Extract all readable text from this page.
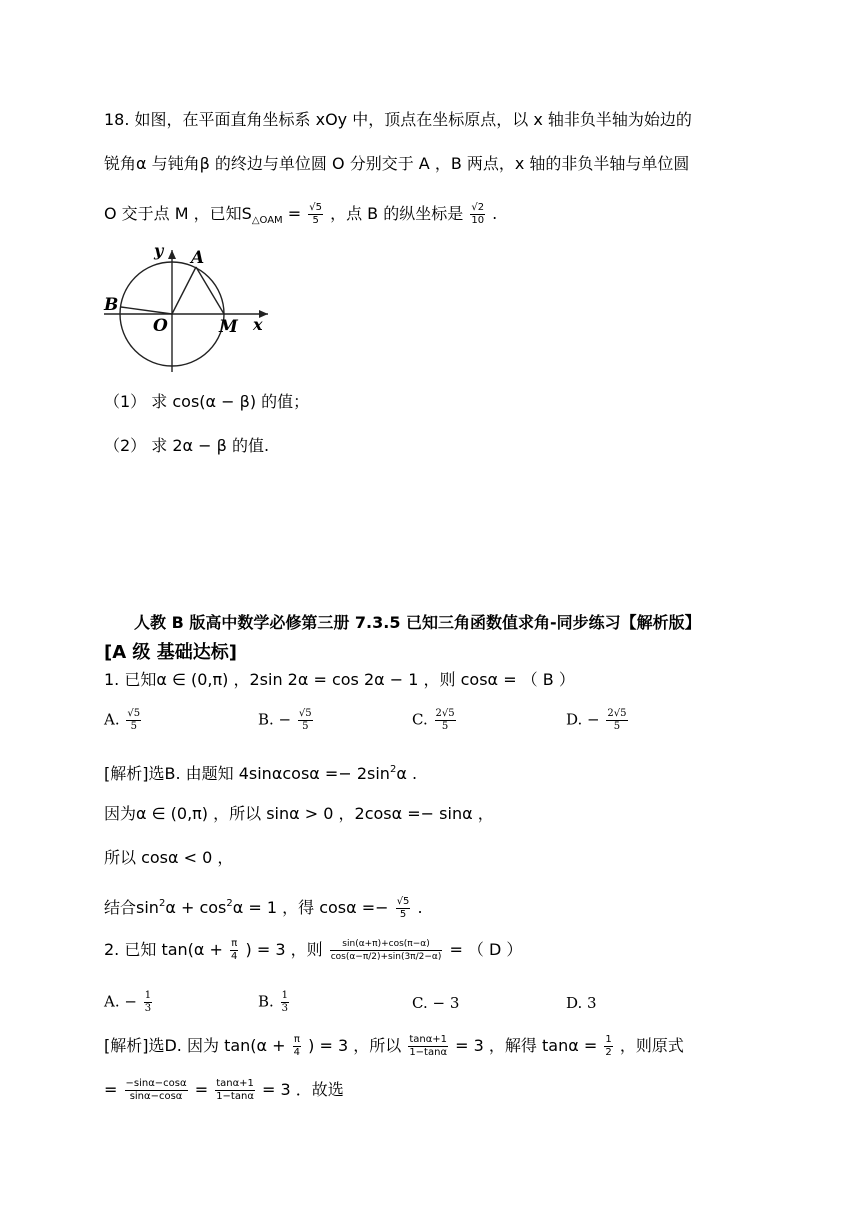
18. 如图，在平面直角坐标系 xOy 中，顶点在坐标原点，以 x 轴非负半轴为始边的
锐角α 与钝角β 的终边与单位圆 O 分别交于 A ，B 两点，x 轴的非负半轴与单位圆
O 交于点 M ，已知$S_{\triangle OAM} = \frac{√5}{5}$ ，点 B 的纵坐标是 $\frac{√2}{10}$ .
y A
B
O	M x
（1） 求 cos(α − β) 的值；
（2） 求 2α − β 的值.
人教 B 版高中数学必修第三册 7.3.5 已知三角函数值求角-同步练习【解析版】
[A 级 基础达标]
1. 已知α ∈ (0,π) ，2sin 2α = cos 2α − 1 ，则 cosα = （ B ）
A. $\frac{√5}{5}$	B. − $\frac{√5}{5}$	C. $\frac{2√5}{5}$	D. − $\frac{2√5}{5}$
[解析]选B. 由题知 $4\sin\alpha\cos\alpha =- 2\sin^2\alpha$ .
因为α ∈ (0,π) ，所以 sinα > 0 ，2cosα =− sinα ，
所以 cosα < 0 ，
结合$\sin^2\alpha + \cos^2\alpha = 1$ ，得 $\cos\alpha =- \frac{√5}{5}$ .
2. 已知 $\tan(\alpha + \frac{\pi}{4}$ ) = 3 ，则 $\frac{\sin(\alpha+\pi)+\cos(\pi-\alpha)}{\cos(\alpha-\pi/2)+\sin(3\pi/2-\alpha)}$ = （ D ）
A. − $\frac{1}{3}$	B. $\frac{1}{3}$	C. − 3	D. 3
[解析]选D. 因为 $\tan(\alpha + \frac{\pi}{4}$ ) = 3 ，所以 $\frac{\tan\alpha+1}{1-\tan\alpha} = 3$ ，解得 $\tan\alpha = \frac{1}{2}$ ，则原式
= $\frac{-\sin\alpha-\cos\alpha}{\sin\alpha-\cos\alpha} = \frac{\tan\alpha+1}{1-\tan\alpha} = 3$ ．故选
